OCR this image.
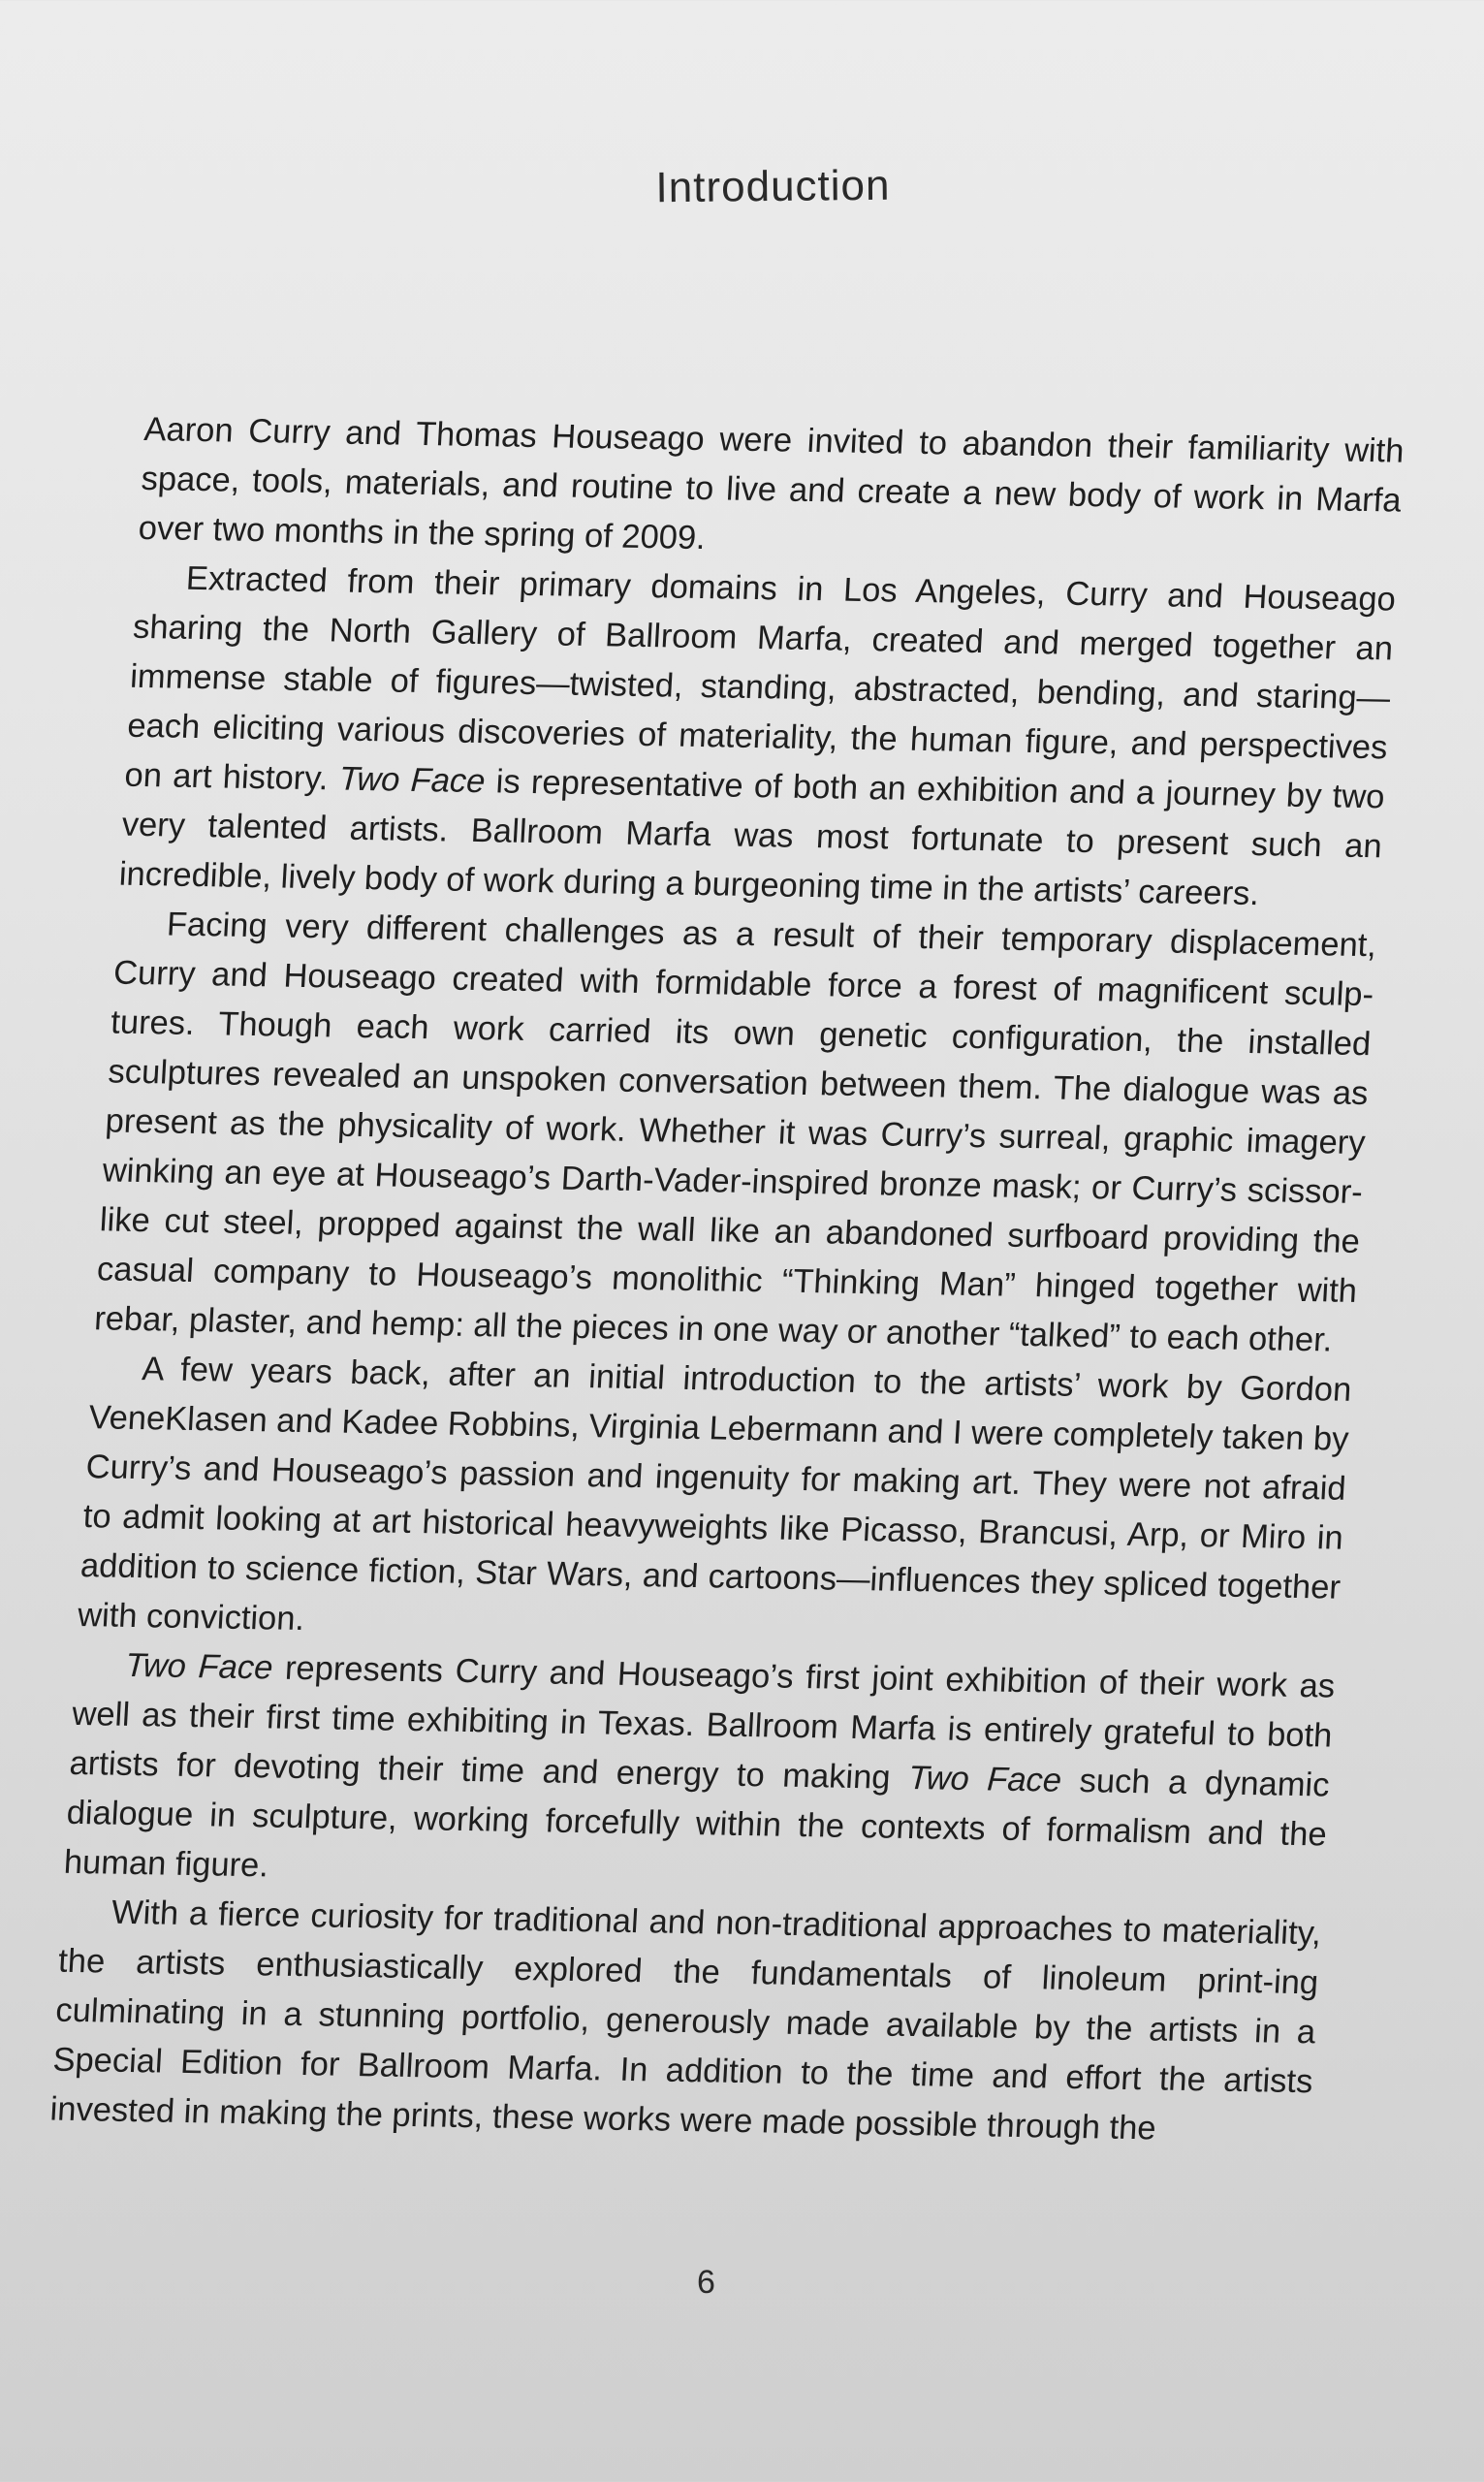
Introduction

Aaron Curry and Thomas Houseago were invited to abandon their familiarity with space, tools, materials, and routine to live and create a new body of work in Marfa over two months in the spring of 2009.

Extracted from their primary domains in Los Angeles, Curry and Houseago sharing the North Gallery of Ballroom Marfa, created and merged together an immense stable of figures—twisted, standing, abstracted, bending, and staring—each eliciting various discoveries of materiality, the human figure, and perspectives on art history. Two Face is representative of both an exhibition and a journey by two very talented artists. Ballroom Marfa was most fortunate to present such an incredible, lively body of work during a burgeoning time in the artists’ careers.

Facing very different challenges as a result of their temporary displacement, Curry and Houseago created with formidable force a forest of magnificent sculp-tures. Though each work carried its own genetic configuration, the installed sculptures revealed an unspoken conversation between them. The dialogue was as present as the physicality of work. Whether it was Curry’s surreal, graphic imagery winking an eye at Houseago’s Darth-Vader-inspired bronze mask; or Curry’s scissor-like cut steel, propped against the wall like an abandoned surfboard providing the casual company to Houseago’s monolithic “Thinking Man” hinged together with rebar, plaster, and hemp: all the pieces in one way or another “talked” to each other.

A few years back, after an initial introduction to the artists’ work by Gordon VeneKlasen and Kadee Robbins, Virginia Lebermann and I were completely taken by Curry’s and Houseago’s passion and ingenuity for making art. They were not afraid to admit looking at art historical heavyweights like Picasso, Brancusi, Arp, or Miro in addition to science fiction, Star Wars, and cartoons—influences they spliced together with conviction.

Two Face represents Curry and Houseago’s first joint exhibition of their work as well as their first time exhibiting in Texas. Ballroom Marfa is entirely grateful to both artists for devoting their time and energy to making Two Face such a dynamic dialogue in sculpture, working forcefully within the contexts of formalism and the human figure.

With a fierce curiosity for traditional and non-traditional approaches to materiality, the artists enthusiastically explored the fundamentals of linoleum print-ing culminating in a stunning portfolio, generously made available by the artists in a Special Edition for Ballroom Marfa. In addition to the time and effort the artists invested in making the prints, these works were made possible through the

6
